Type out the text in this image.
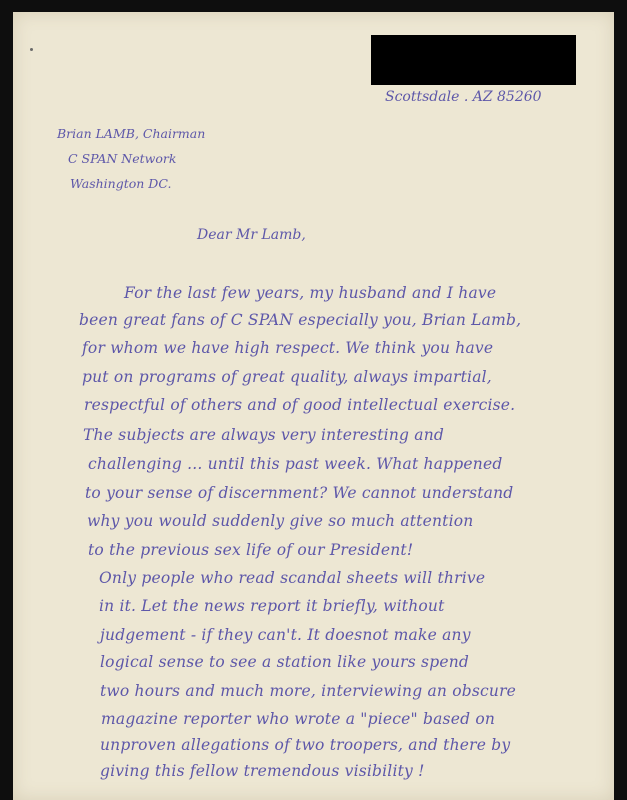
Scottsdale . AZ 85260
Brian LAMB, Chairman
C SPAN Network
Washington DC.
Dear Mr Lamb,
For the last few years, my husband and I have
been great fans of C SPAN especially you, Brian Lamb,
for whom we have high respect. We think you have
put on programs of great quality, always impartial,
respectful of others and of good intellectual exercise.
The subjects are always very interesting and
challenging ... until this past week. What happened
to your sense of discernment? We cannot understand
why you would suddenly give so much attention
to the previous sex life of our President!
Only people who read scandal sheets will thrive
in it. Let the news report it briefly, without
judgement - if they can't. It doesnot make any
logical sense to see a station like yours spend
two hours and much more, interviewing an obscure
magazine reporter who wrote a "piece" based on
unproven allegations of two troopers, and there by
giving this fellow tremendous visibility !
